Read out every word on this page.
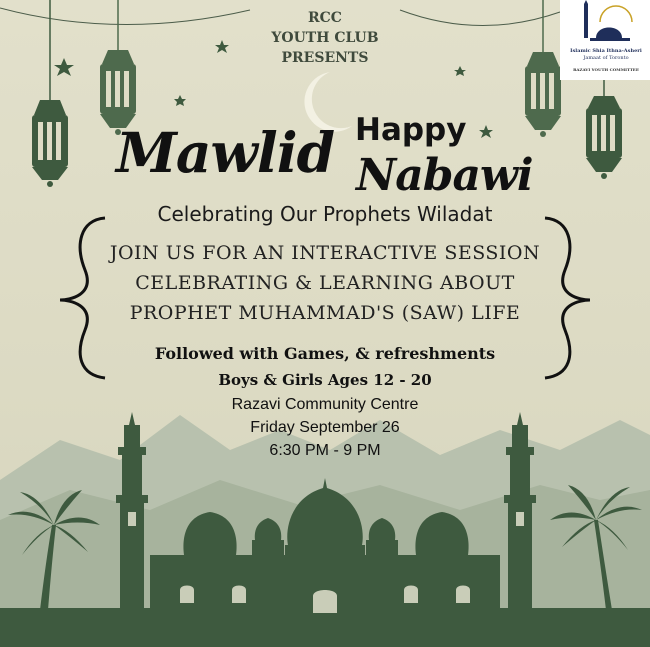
RCC
YOUTH CLUB
PRESENTS	Islamic Shia Ithna-Asheri
Jamaat of Toronto
RAZAVI YOUTH COMMITTEE
Happy
Mawlid Nabawi
Celebrating Our Prophets Wiladat
JOIN US FOR AN INTERACTIVE SESSION
CELEBRATING & LEARNING ABOUT
PROPHET MUHAMMAD'S (SAW) LIFE
Followed with Games, & refreshments
Boys & Girls Ages 12 - 20
Razavi Community Centre
Friday September 26
6:30 PM - 9 PM
